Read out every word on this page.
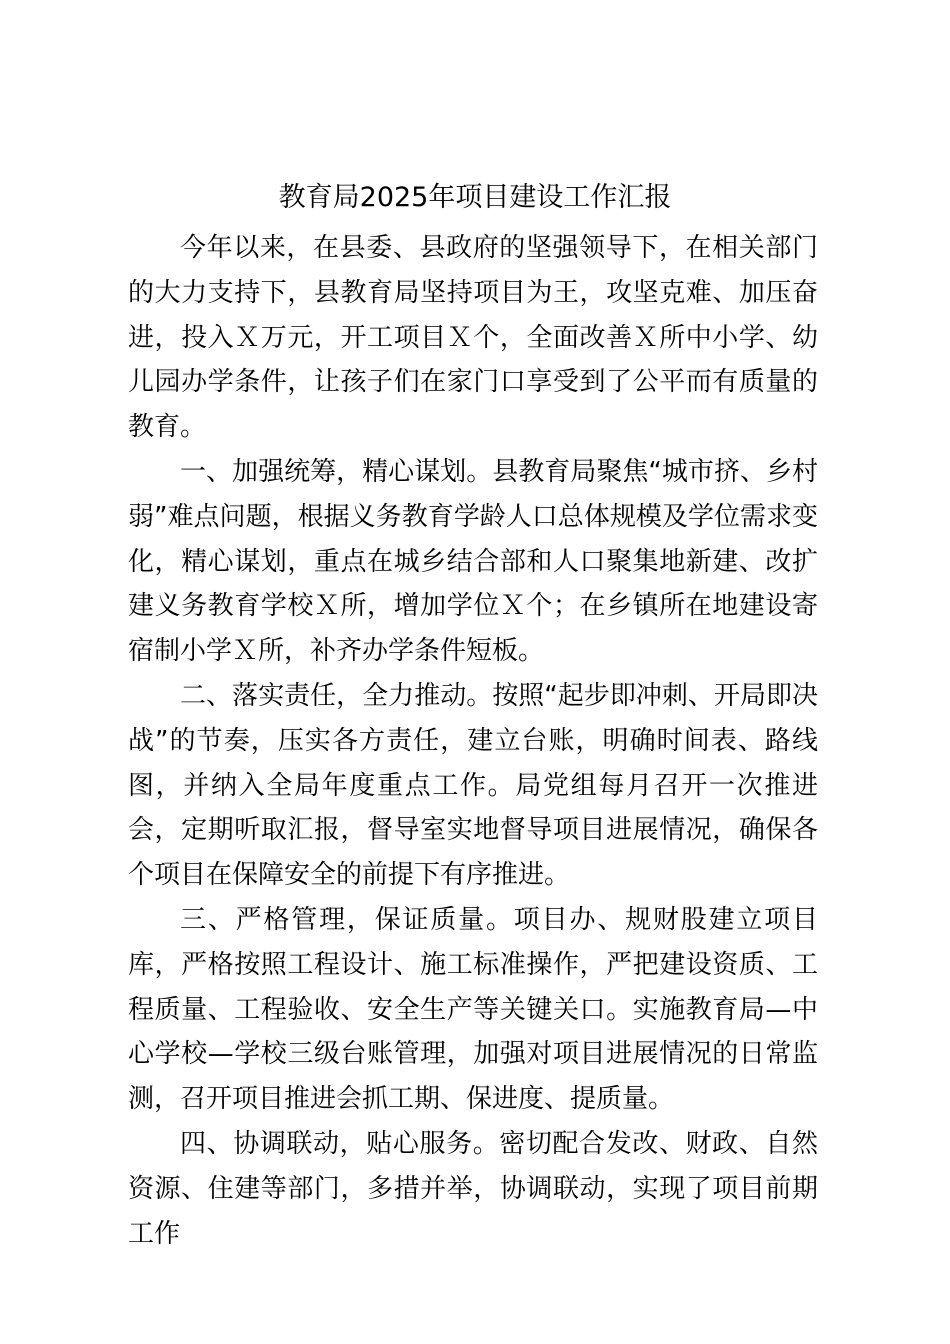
教育局2025年项目建设工作汇报

今年以来，在县委、县政府的坚强领导下，在相关部门的大力支持下，县教育局坚持项目为王，攻坚克难、加压奋进，投入Ｘ万元，开工项目Ｘ个，全面改善Ｘ所中小学、幼儿园办学条件，让孩子们在家门口享受到了公平而有质量的教育。

一、加强统筹，精心谋划。县教育局聚焦“城市挤、乡村弱”难点问题，根据义务教育学龄人口总体规模及学位需求变化，精心谋划，重点在城乡结合部和人口聚集地新建、改扩建义务教育学校Ｘ所，增加学位Ｘ个；在乡镇所在地建设寄宿制小学Ｘ所，补齐办学条件短板。

二、落实责任，全力推动。按照“起步即冲刺、开局即决战”的节奏，压实各方责任，建立台账，明确时间表、路线图，并纳入全局年度重点工作。局党组每月召开一次推进会，定期听取汇报，督导室实地督导项目进展情况，确保各个项目在保障安全的前提下有序推进。

三、严格管理，保证质量。项目办、规财股建立项目库，严格按照工程设计、施工标准操作，严把建设资质、工程质量、工程验收、安全生产等关键关口。实施教育局—中心学校—学校三级台账管理，加强对项目进展情况的日常监测，召开项目推进会抓工期、保进度、提质量。

四、协调联动，贴心服务。密切配合发改、财政、自然资源、住建等部门，多措并举，协调联动，实现了项目前期工作
